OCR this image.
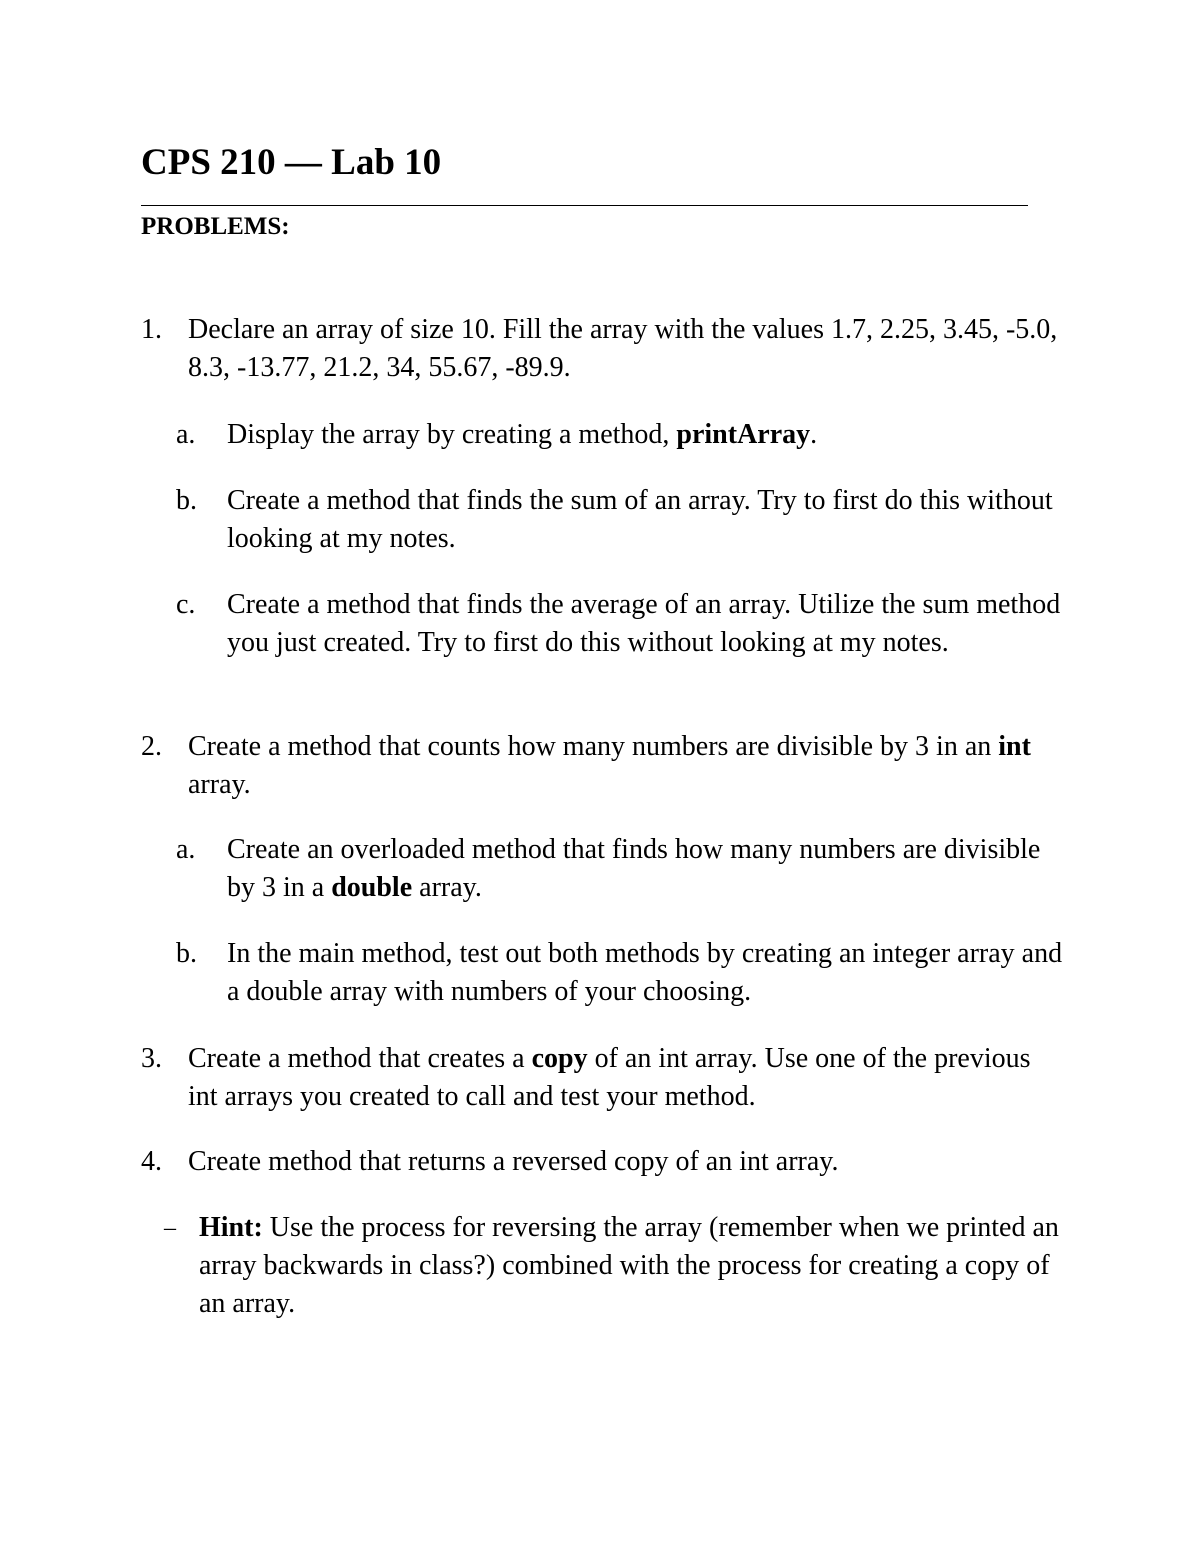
CPS 210 — Lab 10
PROBLEMS:
1. Declare an array of size 10. Fill the array with the values 1.7, 2.25, 3.45, -5.0, 8.3, -13.77, 21.2, 34, 55.67, -89.9.
a.	Display the array by creating a method, printArray.
b.	Create a method that finds the sum of an array. Try to first do this without looking at my notes.
c.	Create a method that finds the average of an array. Utilize the sum method you just created. Try to first do this without looking at my notes.
2. Create a method that counts how many numbers are divisible by 3 in an int array.
a.	Create an overloaded method that finds how many numbers are divisible by 3 in a double array.
b.	In the main method, test out both methods by creating an integer array and a double array with numbers of your choosing.
3. Create a method that creates a copy of an int array. Use one of the previous int arrays you created to call and test your method.
4. Create method that returns a reversed copy of an int array.
– Hint: Use the process for reversing the array (remember when we printed an array backwards in class?) combined with the process for creating a copy of an array.
